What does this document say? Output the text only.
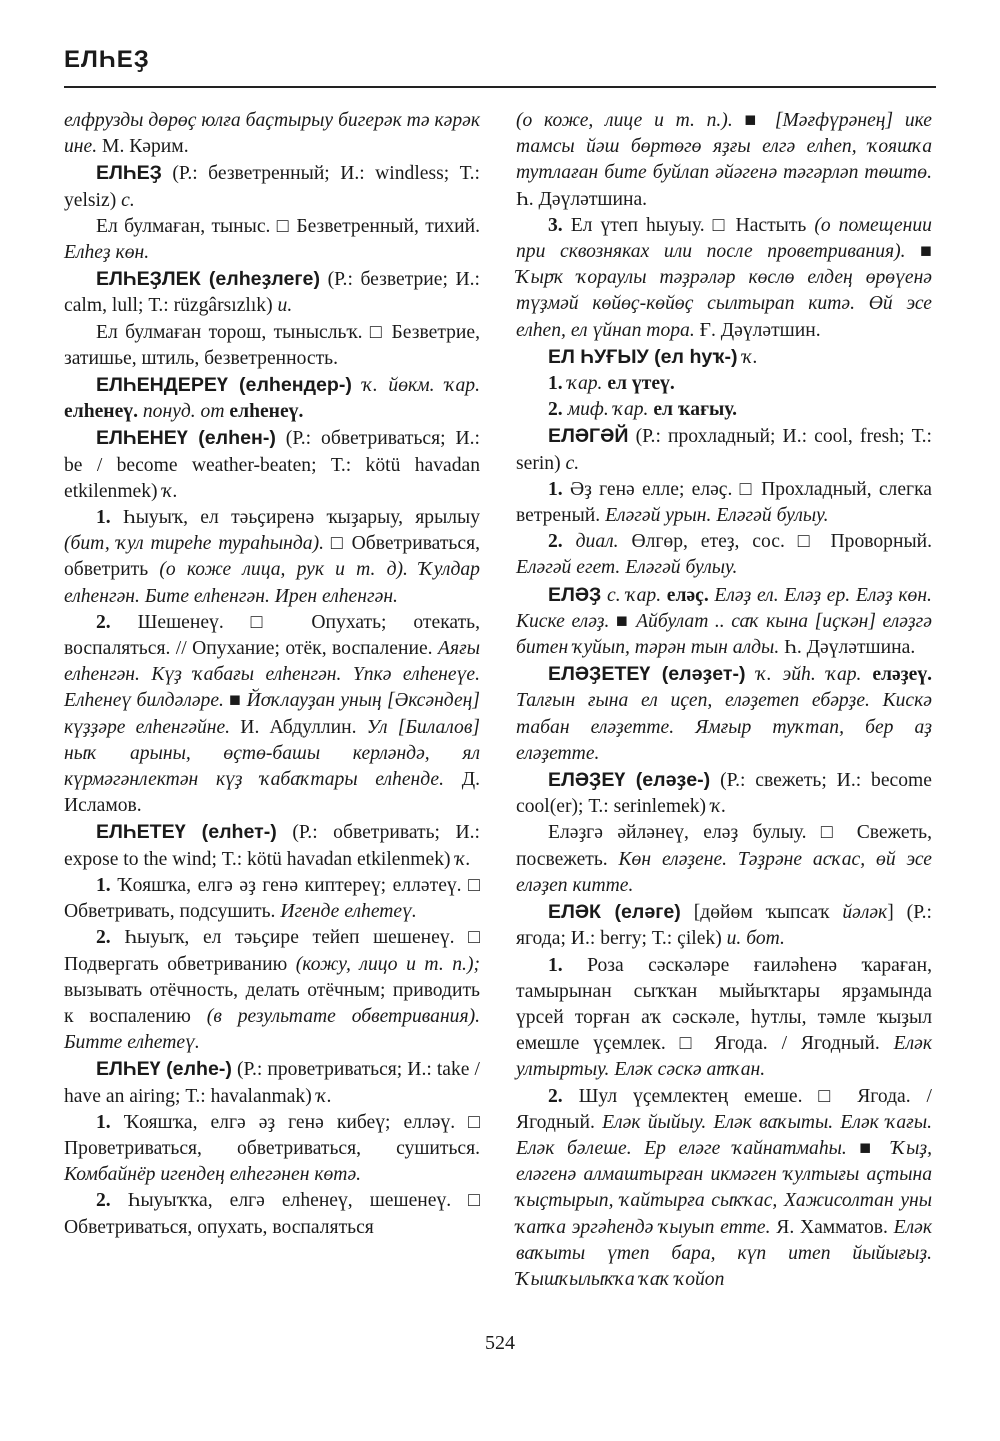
ЕЛҺЕҘ

елфрузды дөрөҫ юлға баҫтырыу бигерәк тә кәрәк ине. М. Кәрим.

ЕЛҺЕҘ (Р.: безветренный; И.: windless; Т.: yelsiz) с.

Ел булмаған, тыныс. □ Безветренный, тихий. Елһеҙ көн.

ЕЛҺЕҘЛЕК (елһеҙлеге) (Р.: безветрие; И.: calm, lull; Т.: rüzgârsızlık) и.

Ел булмаған торош, тынысльҡ. □ Безветрие, затишье, штиль, безветренность.

ЕЛҺЕНДЕРЕҮ (елһендер-) ҡ. йөкм. ҡар. елһенеү. понуд. от елһенеү.

ЕЛҺЕНЕҮ (елһен-) (Р.: обветриваться; И.: be / become weather-beaten; Т.: kötü havadan etkilenmek) ҡ.

1. Һыуыҡ, ел тәьҫиренә ҡыҙарыу, ярылыу (бит, ҡул тиреһе тураһында). □ Обветриваться, обветрить (о коже лица, рук и т. д). Ҡулдар елһенгән. Бите елһенгән. Ирен елһенгән.

2. Шешенеү. □ Опухать; отекать, воспаляться. // Опухание; отёк, воспаление. Аяғы елһенгән. Күҙ ҡабағы елһенгән. Үпкә елһенеүе. Елһенеү билдәләре. ■ Йоҡлауҙан уның [Әксәндең] күҙҙәре елһенгәйне. И. Абдуллин. Ул [Билалов] ныҡ арыны, өҫтө-башы керләндә, ял күрмәгәнлектән күҙ ҡабаҡтары елһенде. Д. Исламов.

ЕЛҺЕТЕҮ (елһет-) (Р.: обветривать; И.: expose to the wind; Т.: kötü havadan etkilenmek) ҡ.

1. Ҡояшҡа, елгә әҙ генә киптереү; елләтеү. □ Обветривать, подсушить. Игенде елһетеү.

2. Һыуыҡ, ел тәьҫире тейеп шешенеү. □ Подвергать обветриванию (кожу, лицо и т. п.); вызывать отёчность, делать отёчным; приводить к воспалению (в результате обветривания). Битте елһетеү.

ЕЛҺЕҮ (елһе-) (Р.: проветриваться; И.: take / have an airing; Т.: havalanmak) ҡ.

1. Ҡояшҡа, елгә әҙ генә кибеү; елләү. □ Проветриваться, обветриваться, сушиться. Комбайнёр игендең елһегәнен көтә.

2. Һыуыҡҡа, елгә елһенеү, шешенеү. □ Обветриваться, опухать, воспаляться

(о коже, лице и т. п.). ■ [Мәғфүрәнең] ике тамсы йәш бөртөгө яҙғы елгә елһеп, ҡояшҡа тутлаған бите буйлап әйәгенә тәгәрләп төштө. Һ. Дәүләтшина.

3. Ел үтеп һыуыу. □ Настыть (о помещении при сквозняках или после проветривания). ■ Ҡырҡ ҡораулы тәҙрәләр көслө елдең өрөүенә түҙмәй көйөҫ-көйөҫ сылтырап китә. Өй эсе елһеп, ел үйнап тора. Ғ. Дәүләтшин.

ЕЛ ҺУҒЫУ (ел һуҡ-) ҡ.

1. ҡар. ел үтеү.

2. миф. ҡар. ел ҡағыу.

ЕЛӘГӘЙ (Р.: прохладный; И.: cool, fresh; Т.: serin) с.

1. Әҙ генә елле; eләҫ. □ Прохладный, слегка ветреный. Еләгәй урын. Еләгәй булыу.

2. диал. Өлгөр, етеҙ, сос. □ Проворный. Еләгәй егет. Еләгәй булыу.

ЕЛӘҘ с. ҡар. еләҫ. Еләҙ ел. Еләҙ ер. Еләҙ көн. Киске еләҙ. ■ Айбулат .. саҡ кына [иҫкән] еләҙгә битен ҡуйып, тәрән тын алды. Һ. Дәүләтшина.

ЕЛӘҘЕТЕҮ (еләҙет-) ҡ. эйһ. ҡар. еләҙеү. Талғын ғына ел иҫеп, еләҙетеп ебәрҙе. Кискә табан еләҙетте. Ямғыр туҡтап, бер аҙ еләҙетте.

ЕЛӘҘЕҮ (еләҙе-) (Р.: свежеть; И.: become cool(er); Т.: serinlemek) ҡ.

Еләҙгә әйләнеү, еләҙ булыу. □ Свежеть, посвежеть. Көн еләҙене. Тәҙрәне асҡас, өй эсе еләҙеп китте.

ЕЛӘК (еләге) [дөйөм ҡыпсаҡ йәләк] (Р.: ягода; И.: berry; Т.: çilek) и. бот.

1. Роза сәскәләре ғаиләһенә ҡараған, тамырынан сыҡҡан мыйыҡтары ярҙамында үрсей торған аҡ сәскәле, һутлы, тәмле ҡыҙыл емешле үҫемлек. □ Ягода. / Ягодный. Еләк ултыртыу. Еләк сәскә атҡан.

2. Шул үҫемлектең емеше. □ Ягода. / Ягодный. Еләк йыйыу. Еләк ваҡыты. Еләк ҡағы. Еләк бәлеше. Ер еләге ҡайнатмаһы. ■ Ҡыҙ, еләгенә алмаштырған икмәген ҡултығы аҫтына ҡыҫтырып, ҡайтырға сыҡҡас, Хажисолтан уны ҡапҡа эргәһендә ҡыуып етте. Я. Хамматов. Еләк ваҡыты үтеп бара, күп итеп йыйығыҙ. Ҡышҡылыҡҡа ҡаҡ ҡойоп

524
